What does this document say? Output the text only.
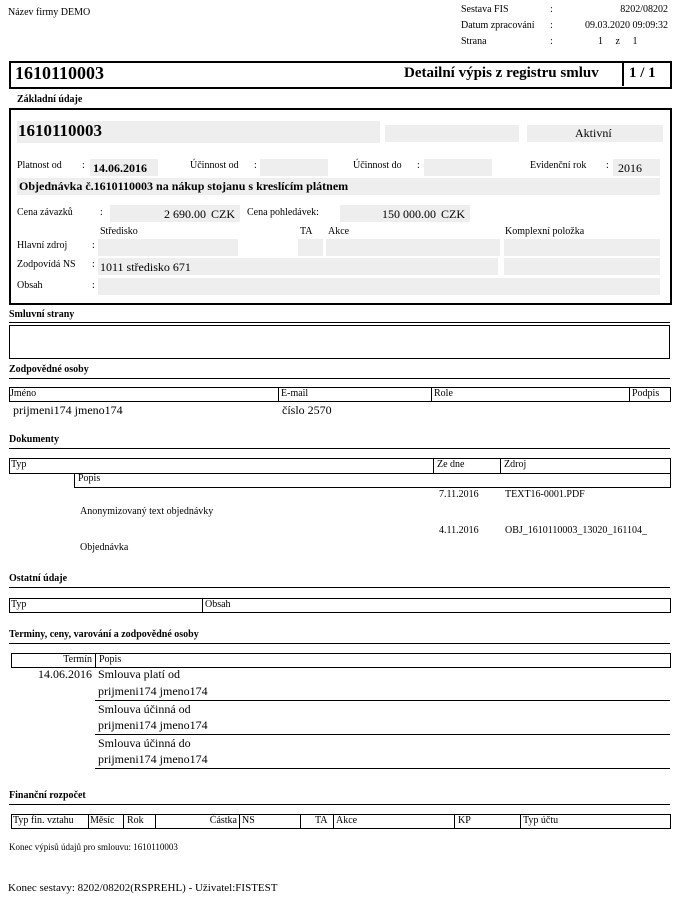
Název firmy DEMO	Sestava FIS	:	8202/08202
Datum zpracování :	09.03.2020 09:09:32
Strana	:	1     z     1
1610110003	Detailní výpis z registru smluv 1 / 1
Základní údaje
1610110003	Aktivní
Platnost od : 14.06.2016	Účinnost od :	Účinnost do :	Evidenční rok : 2016
Objednávka č.1610110003 na nákup stojanu s kreslícím plátnem
Cena závazků	:	2 690.00 CZK Cena pohledávek:	150 000.00 CZK
Středisko	TA Akce	Komplexní položka
Hlavní zdroj :
Zodpovídá NS : 1011 středisko 671
Obsah	:
Smluvní strany
Zodpovědné osoby
Jméno	E-mail	Role	Podpis
prijmeni174 jmeno174	číslo 2570
Dokumenty
Typ	Ze dne	Zdroj
Popis
7.11.2016	TEXT16-0001.PDF
Anonymizovaný text objednávky
4.11.2016	OBJ_1610110003_13020_161104_
Objednávka
Ostatní údaje
Typ	Obsah
Terminy, ceny, varování a zodpovědné osoby
Termín Popis
14.06.2016 Smlouva platí od
prijmeni174 jmeno174
Smlouva účinná od
prijmeni174 jmeno174
Smlouva účinná do
prijmeni174 jmeno174
Finanční rozpočet
Typ fin. vztahu Měsíc Rok	Částka NS	TA Akce	KP	Typ účtu
Konec výpisů údajů pro smlouvu: 1610110003
Konec sestavy: 8202/08202(RSPREHL) - Uživatel:FISTEST
